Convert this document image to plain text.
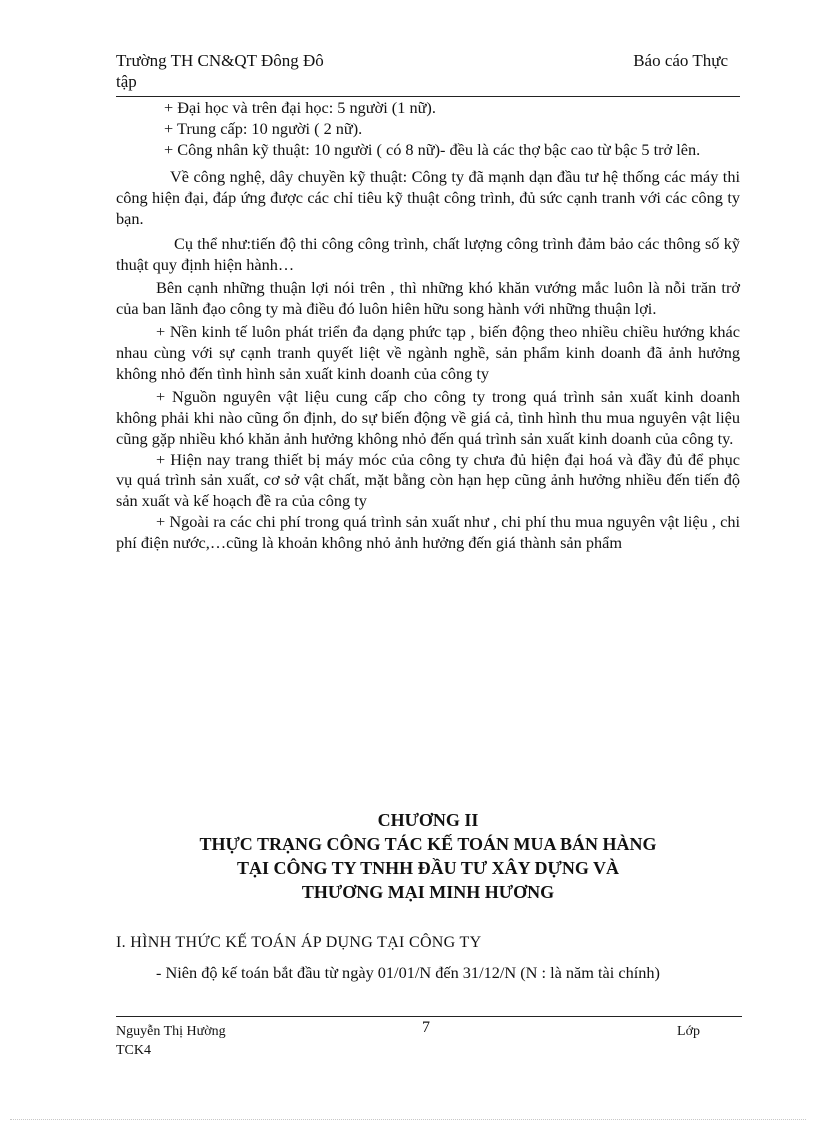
Trường TH CN&QT Đông Đô
tập
Báo cáo Thực

+ Đại học và trên đại học: 5 người (1 nữ).

+ Trung cấp: 10 người ( 2 nữ).

+ Công nhân kỹ thuật: 10 người ( có 8 nữ)- đều là các thợ bậc cao từ bậc 5 trở lên.

Về công nghệ, dây chuyền kỹ thuật: Công ty đã mạnh dạn đầu tư hệ thống các máy thi công hiện đại, đáp ứng được các chỉ tiêu kỹ thuật công trình, đủ sức cạnh tranh với các công ty bạn.

Cụ thể như:tiến độ thi công công trình, chất lượng công trình đảm bảo các thông số kỹ thuật quy định hiện hành…

Bên cạnh những thuận lợi nói trên , thì những khó khăn vướng mắc luôn là nỗi trăn trở của ban lãnh đạo công ty mà điều đó luôn hiên hữu song hành với những thuận lợi.

+ Nền kinh tế luôn phát triển đa dạng phức tạp , biến động theo nhiều chiều hướng khác nhau cùng với sự cạnh tranh quyết liệt về ngành nghề, sản phẩm kinh doanh đã ảnh hưởng không nhỏ đến tình hình sản xuất kinh doanh của công ty

+ Nguồn nguyên vật liệu cung cấp cho công ty trong quá trình sản xuất kinh doanh không phải khi nào cũng ổn định, do sự biến động về giá cả, tình hình thu mua nguyên vật liệu cũng gặp nhiều khó khăn ảnh hưởng không nhỏ đến quá trình sản xuất kinh doanh của công ty.

+ Hiện nay trang thiết bị máy móc của công ty chưa đủ hiện đại hoá và đầy đủ để phục vụ quá trình sản xuất, cơ sở vật chất, mặt bằng còn hạn hẹp cũng ảnh hưởng nhiều đến tiến độ sản xuất và kế hoạch đề ra của công ty

+ Ngoài ra các chi phí trong quá trình sản xuất như , chi phí thu mua nguyên vật liệu , chi phí điện nước,…cũng là khoản không nhỏ ảnh hưởng đến giá thành sản phẩm

CHƯƠNG II
THỰC TRẠNG CÔNG TÁC KẾ TOÁN MUA BÁN HÀNG
TẠI CÔNG TY TNHH ĐẦU TƯ XÂY DỰNG VÀ
THƯƠNG MẠI MINH HƯƠNG
I. HÌNH THỨC KẾ TOÁN ÁP DỤNG TẠI CÔNG TY
- Niên độ kế toán bắt đầu từ ngày 01/01/N đến 31/12/N (N : là năm tài chính)
Nguyễn Thị Hường	7	Lớp
TCK4
